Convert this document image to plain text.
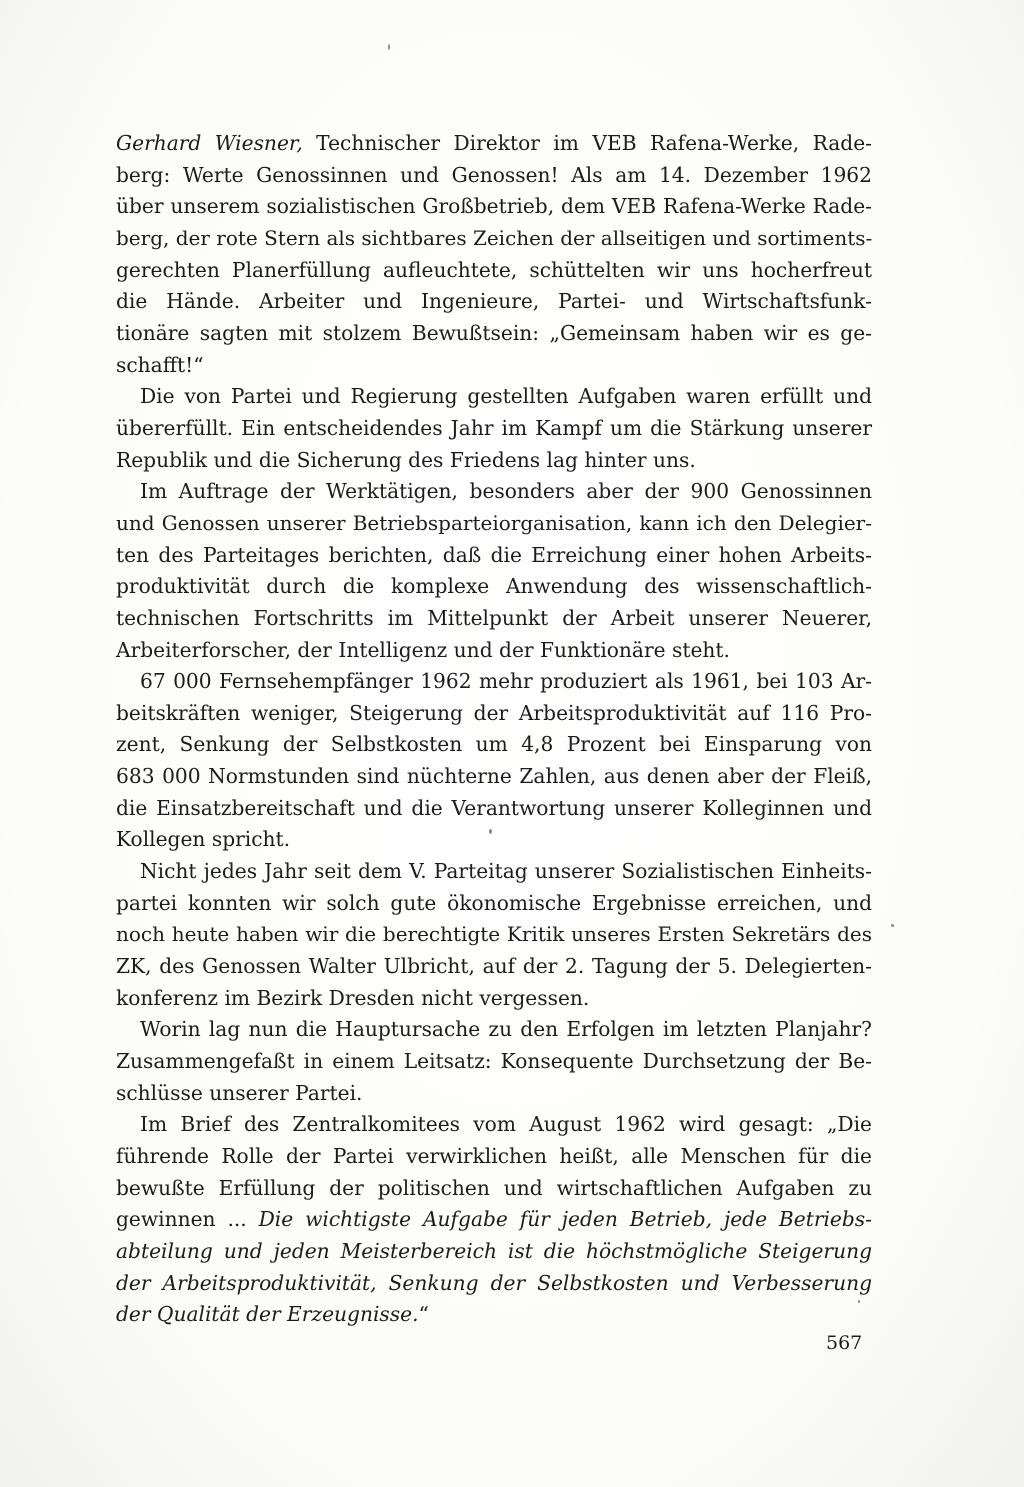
Gerhard Wiesner, Technischer Direktor im VEB Rafena-Werke, Rade-
berg: Werte Genossinnen und Genossen! Als am 14. Dezember 1962
über unserem sozialistischen Großbetrieb, dem VEB Rafena-Werke Rade-
berg, der rote Stern als sichtbares Zeichen der allseitigen und sortiments-
gerechten Planerfüllung aufleuchtete, schüttelten wir uns hocherfreut
die Hände. Arbeiter und Ingenieure, Partei- und Wirtschaftsfunk-
tionäre sagten mit stolzem Bewußtsein: „Gemeinsam haben wir es ge-
schafft!“

Die von Partei und Regierung gestellten Aufgaben waren erfüllt und
übererfüllt. Ein entscheidendes Jahr im Kampf um die Stärkung unserer
Republik und die Sicherung des Friedens lag hinter uns.

Im Auftrage der Werktätigen, besonders aber der 900 Genossinnen
und Genossen unserer Betriebsparteiorganisation, kann ich den Delegier-
ten des Parteitages berichten, daß die Erreichung einer hohen Arbeits-
produktivität durch die komplexe Anwendung des wissenschaftlich-
technischen Fortschritts im Mittelpunkt der Arbeit unserer Neuerer,
Arbeiterforscher, der Intelligenz und der Funktionäre steht.

67 000 Fernsehempfänger 1962 mehr produziert als 1961, bei 103 Ar-
beitskräften weniger, Steigerung der Arbeitsproduktivität auf 116 Pro-
zent, Senkung der Selbstkosten um 4,8 Prozent bei Einsparung von
683 000 Normstunden sind nüchterne Zahlen, aus denen aber der Fleiß,
die Einsatzbereitschaft und die Verantwortung unserer Kolleginnen und
Kollegen spricht.

Nicht jedes Jahr seit dem V. Parteitag unserer Sozialistischen Einheits-
partei konnten wir solch gute ökonomische Ergebnisse erreichen, und
noch heute haben wir die berechtigte Kritik unseres Ersten Sekretärs des
ZK, des Genossen Walter Ulbricht, auf der 2. Tagung der 5. Delegierten-
konferenz im Bezirk Dresden nicht vergessen.

Worin lag nun die Hauptursache zu den Erfolgen im letzten Planjahr?
Zusammengefaßt in einem Leitsatz: Konsequente Durchsetzung der Be-
schlüsse unserer Partei.

Im Brief des Zentralkomitees vom August 1962 wird gesagt: „Die
führende Rolle der Partei verwirklichen heißt, alle Menschen für die
bewußte Erfüllung der politischen und wirtschaftlichen Aufgaben zu
gewinnen ... Die wichtigste Aufgabe für jeden Betrieb, jede Betriebs-
abteilung und jeden Meisterbereich ist die höchstmögliche Steigerung
der Arbeitsproduktivität, Senkung der Selbstkosten und Verbesserung
der Qualität der Erzeugnisse.“

567
